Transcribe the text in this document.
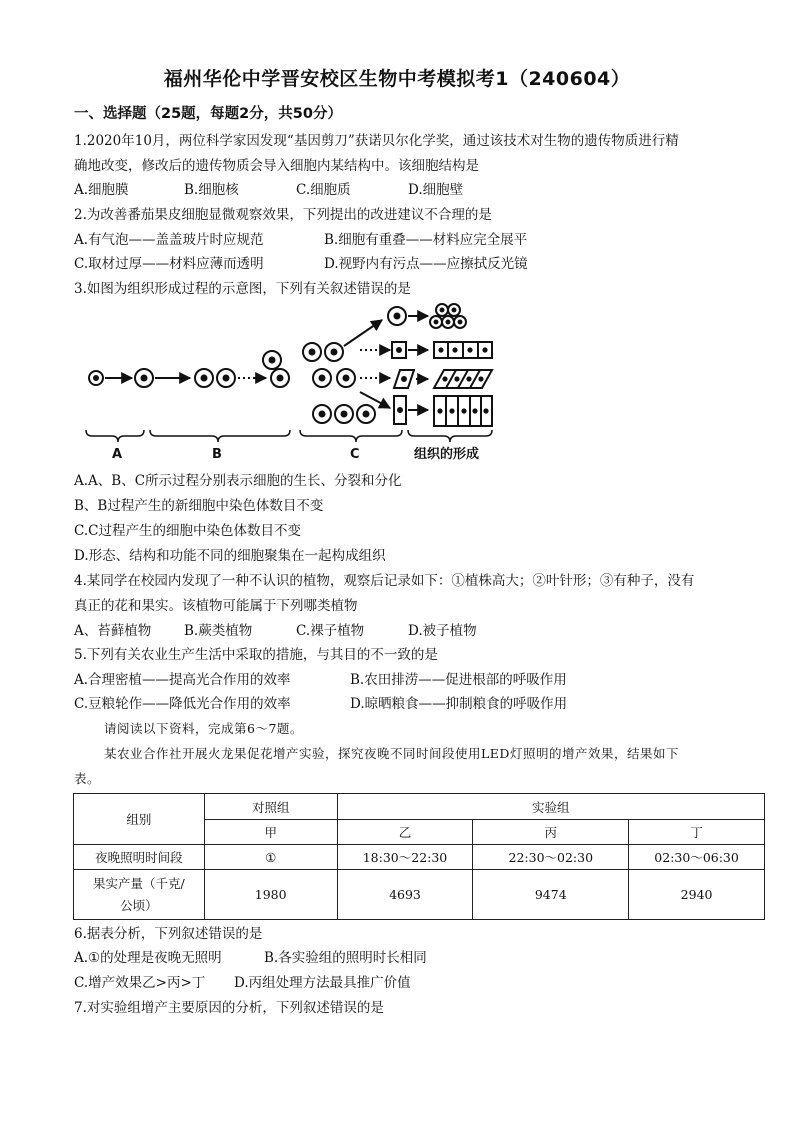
福州华伦中学晋安校区生物中考模拟考1（240604）
一、选择题（25题，每题2分，共50分）
1.2020年10月，两位科学家因发现“基因剪刀”获诺贝尔化学奖，通过该技术对生物的遗传物质进行精
确地改变，修改后的遗传物质会导入细胞内某结构中。该细胞结构是
A.细胞膜	B.细胞核	C.细胞质	D.细胞壁
2.为改善番茄果皮细胞显微观察效果，下列提出的改进建议不合理的是
A.有气泡——盖盖玻片时应规范	B.细胞有重叠——材料应完全展平
C.取材过厚——材料应薄而透明	D.视野内有污点——应擦拭反光镜
3.如图为组织形成过程的示意图，下列有关叙述错误的是
A	B	C	组织的形成
A.A、B、C所示过程分别表示细胞的生长、分裂和分化
B、B过程产生的新细胞中染色体数目不变
C.C过程产生的细胞中染色体数目不变
D.形态、结构和功能不同的细胞聚集在一起构成组织
4.某同学在校园内发现了一种不认识的植物，观察后记录如下：①植株高大；②叶针形；③有种子，没有
真正的花和果实。该植物可能属于下列哪类植物
A、苔藓植物 B.蕨类植物	C.裸子植物	D.被子植物
5.下列有关农业生产生活中采取的措施，与其目的不一致的是
A.合理密植——提高光合作用的效率	B.农田排涝——促进根部的呼吸作用
C.豆粮轮作——降低光合作用的效率	D.晾晒粮食——抑制粮食的呼吸作用
请阅读以下资料，完成第6～7题。
某农业合作社开展火龙果促花增产实验，探究夜晚不同时间段使用LED灯照明的增产效果，结果如下
表。
组别	对照组	实验组		
	甲	乙	丙	丁
夜晚照明时间段	①	18:30～22:30	22:30～02:30	02:30～06:30
果实产量（千克/
公顷）	1980	4693	9474	2940
6.据表分析，下列叙述错误的是
A.①的处理是夜晚无照明	B.各实验组的照明时长相同
C.增产效果乙>丙>丁 D.丙组处理方法最具推广价值
7.对实验组增产主要原因的分析，下列叙述错误的是
